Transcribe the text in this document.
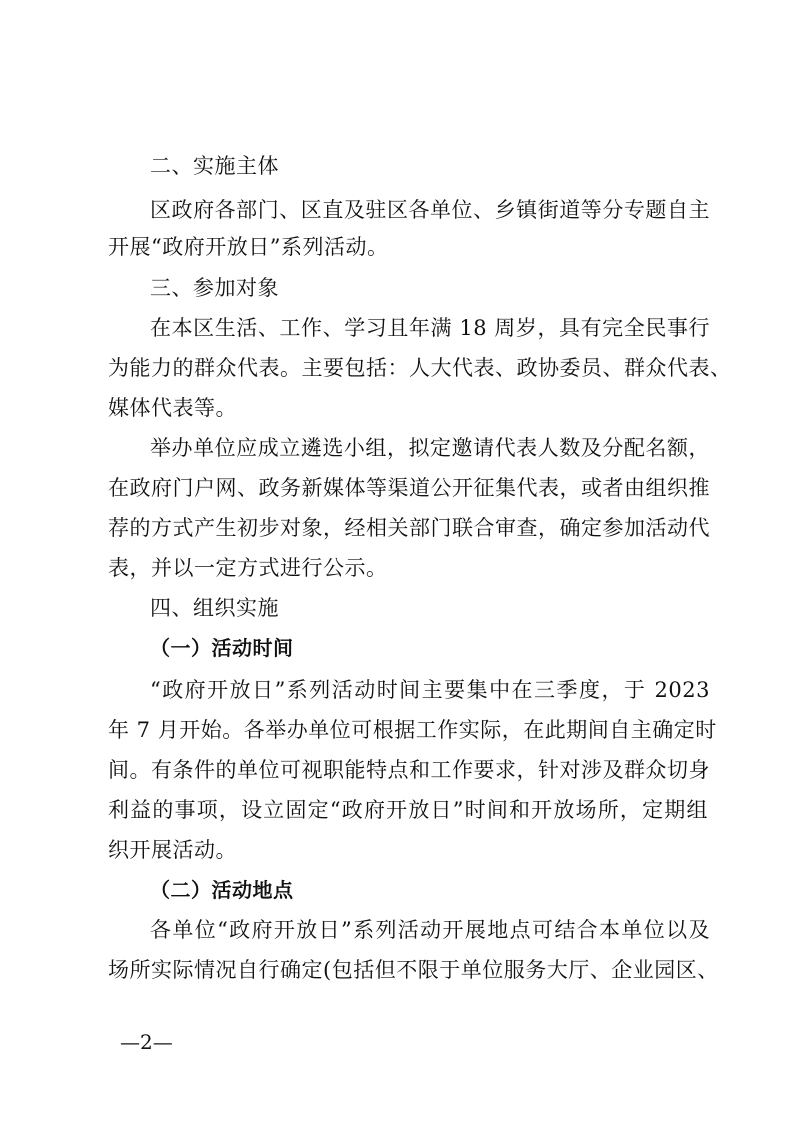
二、实施主体
区政府各部门、区直及驻区各单位、乡镇街道等分专题自主
开展“政府开放日”系列活动。
三、参加对象
在本区生活、工作、学习且年满 18 周岁，具有完全民事行
为能力的群众代表。主要包括：人大代表、政协委员、群众代表、
媒体代表等。
举办单位应成立遴选小组，拟定邀请代表人数及分配名额，
在政府门户网、政务新媒体等渠道公开征集代表，或者由组织推
荐的方式产生初步对象，经相关部门联合审查，确定参加活动代
表，并以一定方式进行公示。
四、组织实施
（一）活动时间
“政府开放日”系列活动时间主要集中在三季度，于 2023
年 7 月开始。各举办单位可根据工作实际，在此期间自主确定时
间。有条件的单位可视职能特点和工作要求，针对涉及群众切身
利益的事项，设立固定“政府开放日”时间和开放场所，定期组
织开展活动。
（二）活动地点
各单位“政府开放日”系列活动开展地点可结合本单位以及
场所实际情况自行确定(包括但不限于单位服务大厅、企业园区、
—2—
